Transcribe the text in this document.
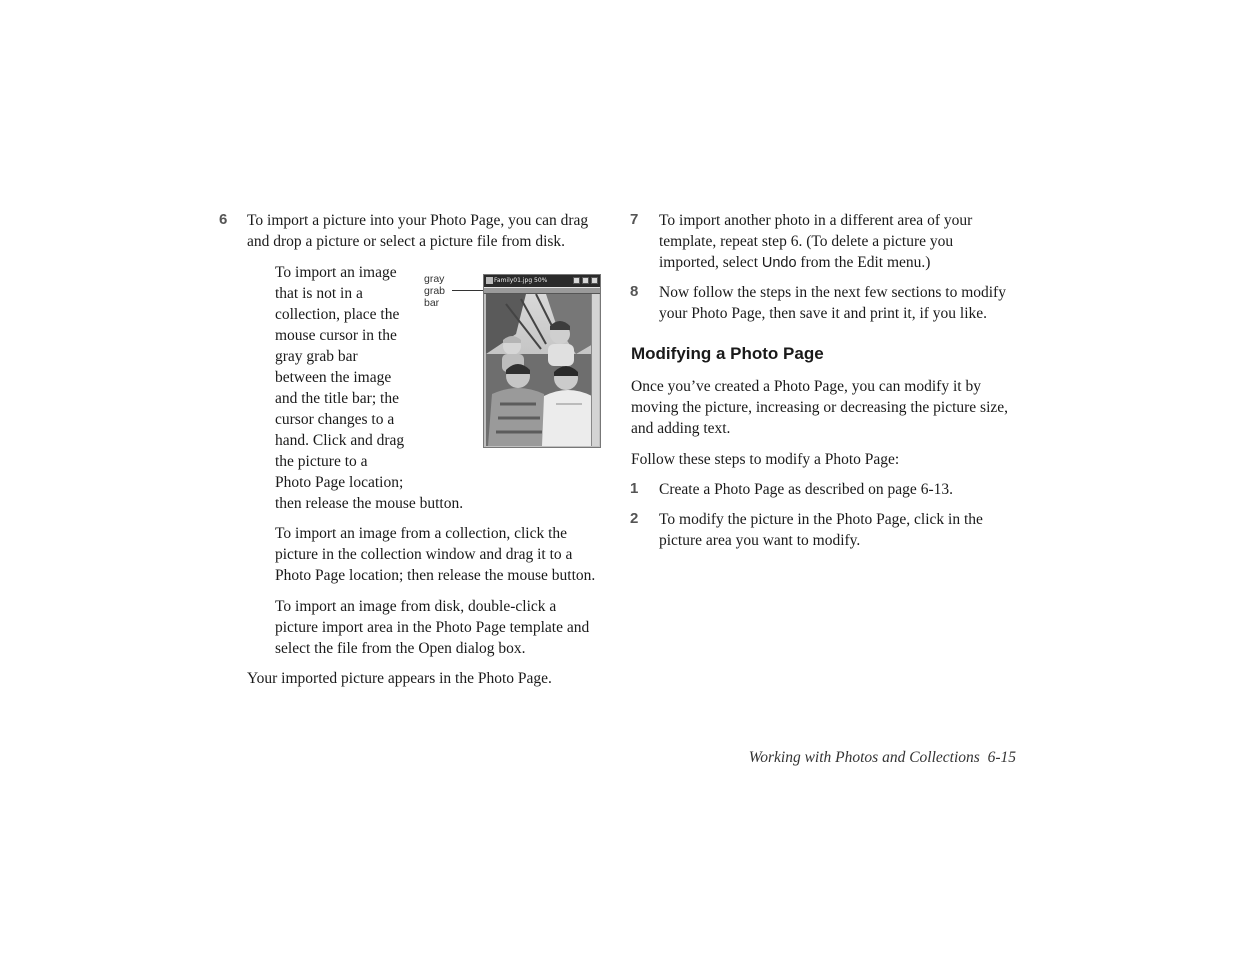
6 To import a picture into your Photo Page, you can drag
and drop a picture or select a picture file from disk.
To import an image
that is not in a
collection, place the
mouse cursor in the
gray grab bar
between the image
and the title bar; the
cursor changes to a
hand. Click and drag
the picture to a
Photo Page location;
then release the mouse button.
gray
grab
bar
Family01.jpg 50%
To import an image from a collection, click the
picture in the collection window and drag it to a
Photo Page location; then release the mouse button.
To import an image from disk, double-click a
picture import area in the Photo Page template and
select the file from the Open dialog box.
Your imported picture appears in the Photo Page.
7 To import another photo in a different area of your
template, repeat step 6. (To delete a picture you
imported, select Undo from the Edit menu.)
8 Now follow the steps in the next few sections to modify
your Photo Page, then save it and print it, if you like.
Modifying a Photo Page
Once you’ve created a Photo Page, you can modify it by
moving the picture, increasing or decreasing the picture size,
and adding text.
Follow these steps to modify a Photo Page:
1 Create a Photo Page as described on page 6-13.
2 To modify the picture in the Photo Page, click in the
picture area you want to modify.
Working with Photos and Collections 6-15
